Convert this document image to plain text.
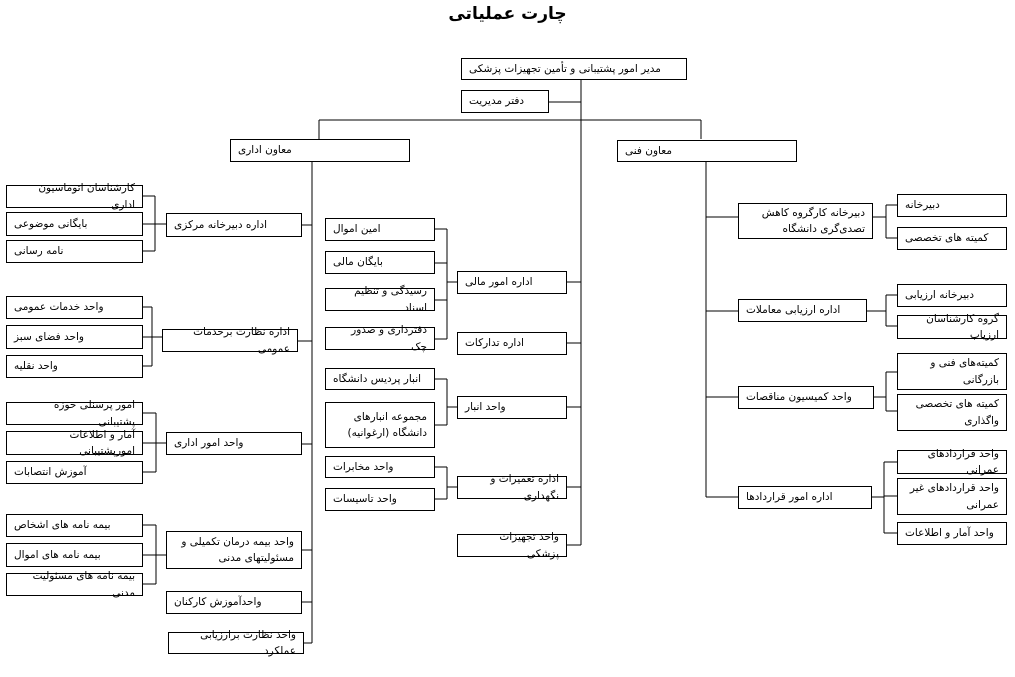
چارت عملیاتی
مدیر امور پشتیبانی و تأمین تجهیزات پزشکی
دفتر مدیریت
معاون اداری	معاون فنی
کارشناسان اتوماسیون اداری
بایگانی موضوعی
نامه رسانی
اداره دبیرخانه مرکزی
واحد خدمات عمومی
واحد فضای سبز
واحد نقلیه
اداره نظارت برخدمات عمومی
امور پرسنلی حوزه پشتیبانی
آمار و اطلاعات امورپشتیبانی
آموزش انتصابات
واحد امور اداری
بیمه نامه های اشخاص
بیمه نامه های اموال
بیمه نامه های مسئولیت مدنی
واحد بیمه درمان تکمیلی و مسئولیتهای مدنی
واحدآموزش کارکنان
واحد نظارت برارزیابی عملکرد
امین اموال
بایگان مالی
رسیدگی و تنظیم اسناد
دفترداری و صدور چک
اداره امور مالی
اداره تدارکات
انبار پردیس دانشگاه
مجموعه انبارهای دانشگاه (ارغوانیه)
واحد انبار
واحد مخابرات
واحد تاسیسات
اداره تعمیرات و نگهداری
واحد تجهیزات پزشکی
دبیرخانه کارگروه کاهش تصدی‌گری دانشگاه
دبیرخانه
کمیته های تخصصی
اداره ارزیابی معاملات
دبیرخانه ارزیابی
گروه کارشناسان ارزیاب
واحد کمیسیون مناقصات
کمیته‌های فنی و بازرگانی
کمیته های تخصصی واگذاری
اداره امور قراردادها
واحد قراردادهای عمرانی
واحد قراردادهای غیر عمرانی
واحد آمار و اطلاعات
